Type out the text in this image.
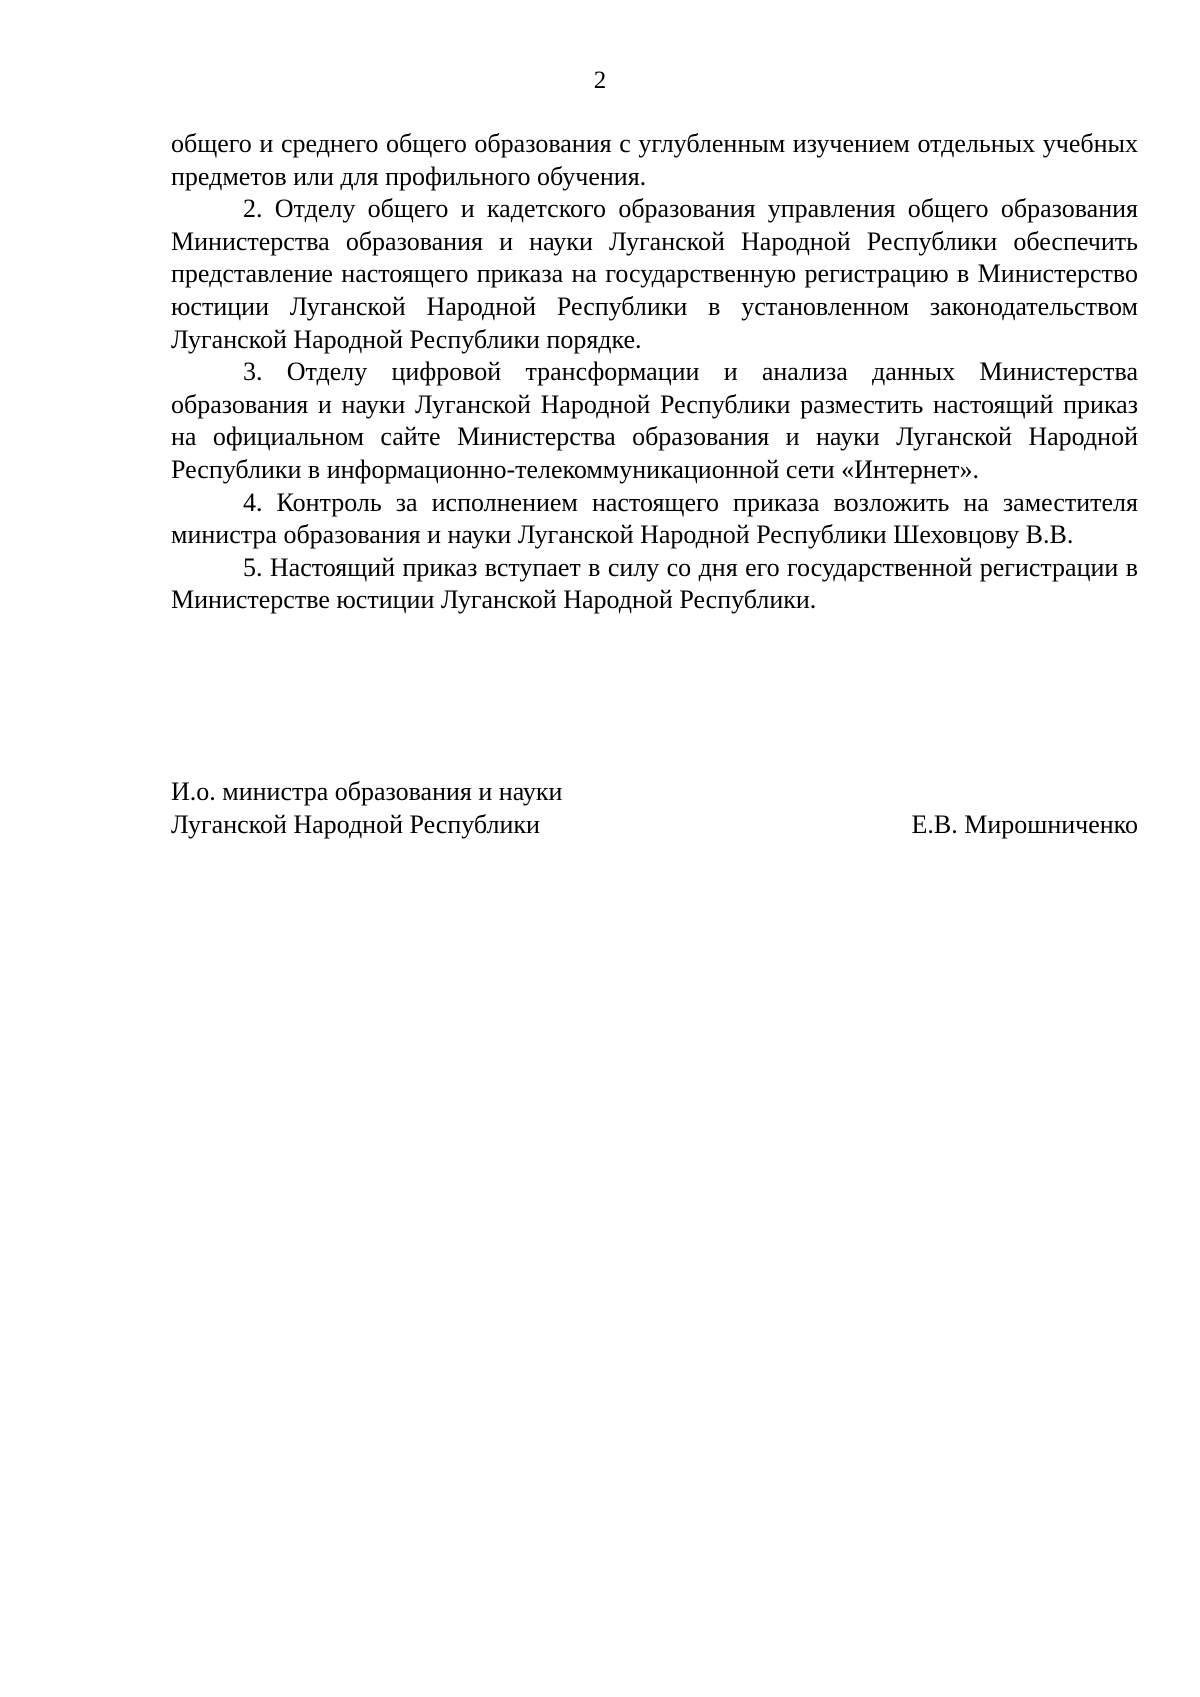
2

общего и среднего общего образования с углубленным изучением отдельных учебных предметов или для профильного обучения.

2. Отделу общего и кадетского образования управления общего образования Министерства образования и науки Луганской Народной Республики обеспечить представление настоящего приказа на государственную регистрацию в Министерство юстиции Луганской Народной Республики в установленном законодательством Луганской Народной Республики порядке.

3. Отделу цифровой трансформации и анализа данных Министерства образования и науки Луганской Народной Республики разместить настоящий приказ на официальном сайте Министерства образования и науки Луганской Народной Республики в информационно-телекоммуникационной сети «Интернет».

4. Контроль за исполнением настоящего приказа возложить на заместителя министра образования и науки Луганской Народной Республики Шеховцову В.В.

5. Настоящий приказ вступает в силу со дня его государственной регистрации в Министерстве юстиции Луганской Народной Республики.

И.о. министра образования и науки
Луганской Народной Республики	Е.В. Мирошниченко
